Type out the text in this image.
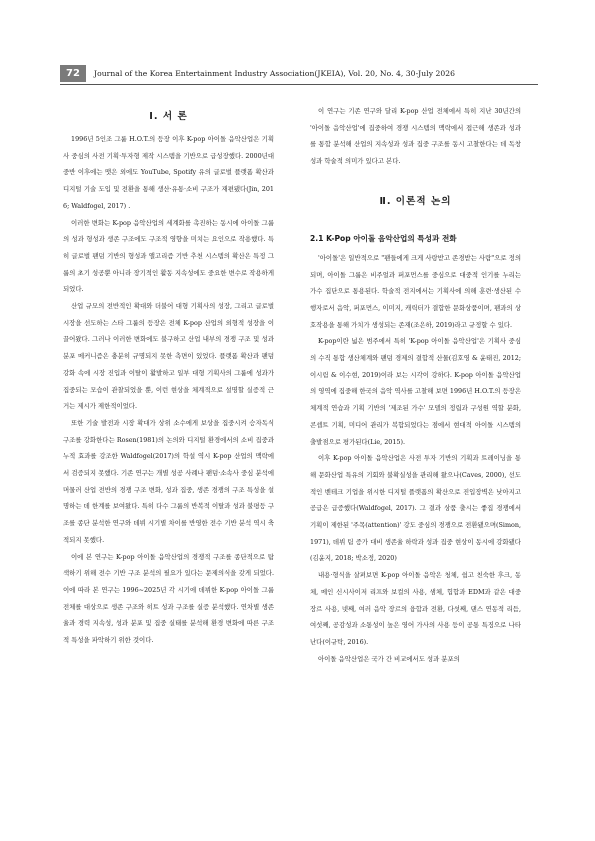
72	Journal of the Korea Entertainment Industry Association(JKEIA), Vol. 20, No. 4, 30-July 2026
Ⅰ. 서 론

1996년 5인조 그룹 H.O.T.의 등장 이후 K-pop 아이돌 음악산업은 기획사 중심의 사전 기획·투자형 제작 시스템을 기반으로 급성장했다. 2000년대 중반 이후에는 맷은 외에도 YouTube, Spotify 유의 글로벌 플랫폼 확산과 디지털 기술 도입 및 전환을 통해 생산·유통·소비 구조가 재편됐다(Jin, 2016; Waldfogel, 2017) .

이러한 변화는 K-pop 음악산업의 세계화를 촉진하는 동시에 아이돌 그룹의 성과 형성과 생존 구조에도 구조적 영향을 미치는 요인으로 작용했다. 특히 글로벌 팬덤 기반의 형성과 앨고리즘 기반 추천 시스템의 확산은 특정 그룹의 초기 성공뿐 아니라 장기적인 활동 지속성에도 중요한 변수로 작용하게 되었다.

산업 규모의 전반적인 확대와 더불어 대형 기획사의 성장, 그리고 글로벌 시장을 선도하는 스타 그룹의 등장은 전체 K-pop 산업의 외형적 성장을 이끌어왔다. 그러나 이러한 변화에도 불구하고 산업 내부의 경쟁 구조 및 성과 분포 메커니즘은 충분히 규명되지 못한 측면이 있었다. 플랫폼 확산과 팬덤 강화 속에 시장 진입과 이탈이 활발하고 일부 대형 기획사의 그룹에 성과가 집중되는 모습이 관찰되었을 뿐, 이런 현상을 체계적으로 설명할 실증적 근거는 제시가 제한적이었다.

또한 기술 발전과 시장 확대가 상위 소수에게 보상을 집중시켜 승자독식 구조를 강화한다는 Rosen(1981)의 논의와 디지털 환경에서의 소비 집중과 누적 효과를 강조한 Waldfogel(2017)의 학설 역시 K-pop 산업의 맥락에서 검증되지 못했다. 기존 연구는 개별 성공 사례나 팬덤·소속사 중심 분석에 머물러 산업 전반의 경쟁 구조 변화, 성과 집중, 생존 경쟁의 구조 특성을 설명하는 데 한계를 보여왔다. 특히 다수 그룹의 반복적 이탈과 성과 불평등 구조를 종단 분석한 연구와 데뷔 시기별 차이를 반영한 전수 기반 분석 역시 축적되지 못했다.

이에 본 연구는 K-pop 아이돌 음악산업의 경쟁적 구조를 종단적으로 탐색하기 위해 전수 기반 구조 분석의 필요가 있다는 문제의식을 갖게 되었다. 이에 따라 본 연구는 1996~2025년 각 시기에 데뷔한 K-pop 아이돌 그룹 전체를 대상으로 생존 구조와 히트 성과 구조를 실증 분석했다. 연차별 생존율과 경력 지속성, 성과 분포 및 집중 실태를 분석해 환경 변화에 따른 구조적 특성을 파악하기 위한 것이다.

이 연구는 기존 연구와 달리 K-pop 산업 전체에서 특히 지난 30년간의 '아이돌 음악산업'에 집중하여 경쟁 시스템의 맥락에서 접근해 생존과 성과를 통합 분석해 산업의 지속성과 성과 집중 구조를 동시 고찰한다는 데 독창성과 학술적 의미가 있다고 본다.

Ⅱ. 이론적 논의
2.1 K-Pop 아이돌 음악산업의 특성과 전화

'아이돌'은 일반적으로 "팬들에게 크게 사랑받고 존경받는 사람"으로 정의되며, 아이돌 그룹은 비주얼과 퍼포먼스를 중심으로 대중적 인기를 누리는 가수 집단으로 통용된다. 학술적 전지에서는 기획사에 의해 훈련·생산된 수행자로서 음악, 퍼포먼스, 이미지, 캐릭터가 결합한 문화상품이며, 팬과의 상호작용을 통해 가치가 생성되는 존재(조은하, 2019)라고 규정할 수 있다.

K-pop이란 넓은 범주에서 특히 'K-pop 아이돌 음악산업'은 기획사 중심의 수직 통합 생산체계와 팬덤 경제의 결합적 산물(김호영 & 윤태진, 2012; 이시림 & 이수현, 2019)이라 보는 시각이 강하다. K-pop 아이돌 음악산업의 영역에 집중해 한국의 음악 역사를 고찰해 보면 1996년 H.O.T.의 등장은 체계적 연습과 기획 기반의 '제조된 가수' 모델의 정립과 구성원 역할 분화, 콘셉트 기획, 미디어 관리가 복합되었다는 점에서 현대적 아이돌 시스템의 출발점으로 평가된다(Lie, 2015).

이후 K-pop 아이돌 음악산업은 사전 투자 기반의 기획과 트레이닝을 통해 문화산업 특유의 기회와 불확실성을 관리해 왔으나(Caves, 2000), 선도적인 벤테크 기업을 위시한 디지털 플랫폼의 확산으로 진입장벽은 낮아지고 공급은 급증했다(Waldfogel, 2017). 그 결과 상품 출시는 좋집 경쟁에서 기획이 제한된 '주목(attention)' 강도 중심의 경쟁으로 전환됐으며(Simon, 1971), 데뷔 팀 증가 대비 생존율 하락과 성과 집중 현상이 동시에 강화됐다(김윤지, 2018; 박소정, 2020)

내용·형식을 살펴보면 K-pop 아이돌 음악은 청체, 쉽고 친숙한 후크, 동체, 메인 신시사이저 리프와 보컬의 사용, 샘체, 힙합과 EDM과 같은 대중 장르 사용, 넷째, 여러 음악 장르의 융합과 전환, 다섯째, 댄스 연동적 리듬, 여섯째, 공감성과 소통성이 높은 영어 가사의 사용 등이 공통 특징으로 나타난다(이규탁, 2016).

아이돌 음악산업은 국가 간 비교에서도 성과 분포의
